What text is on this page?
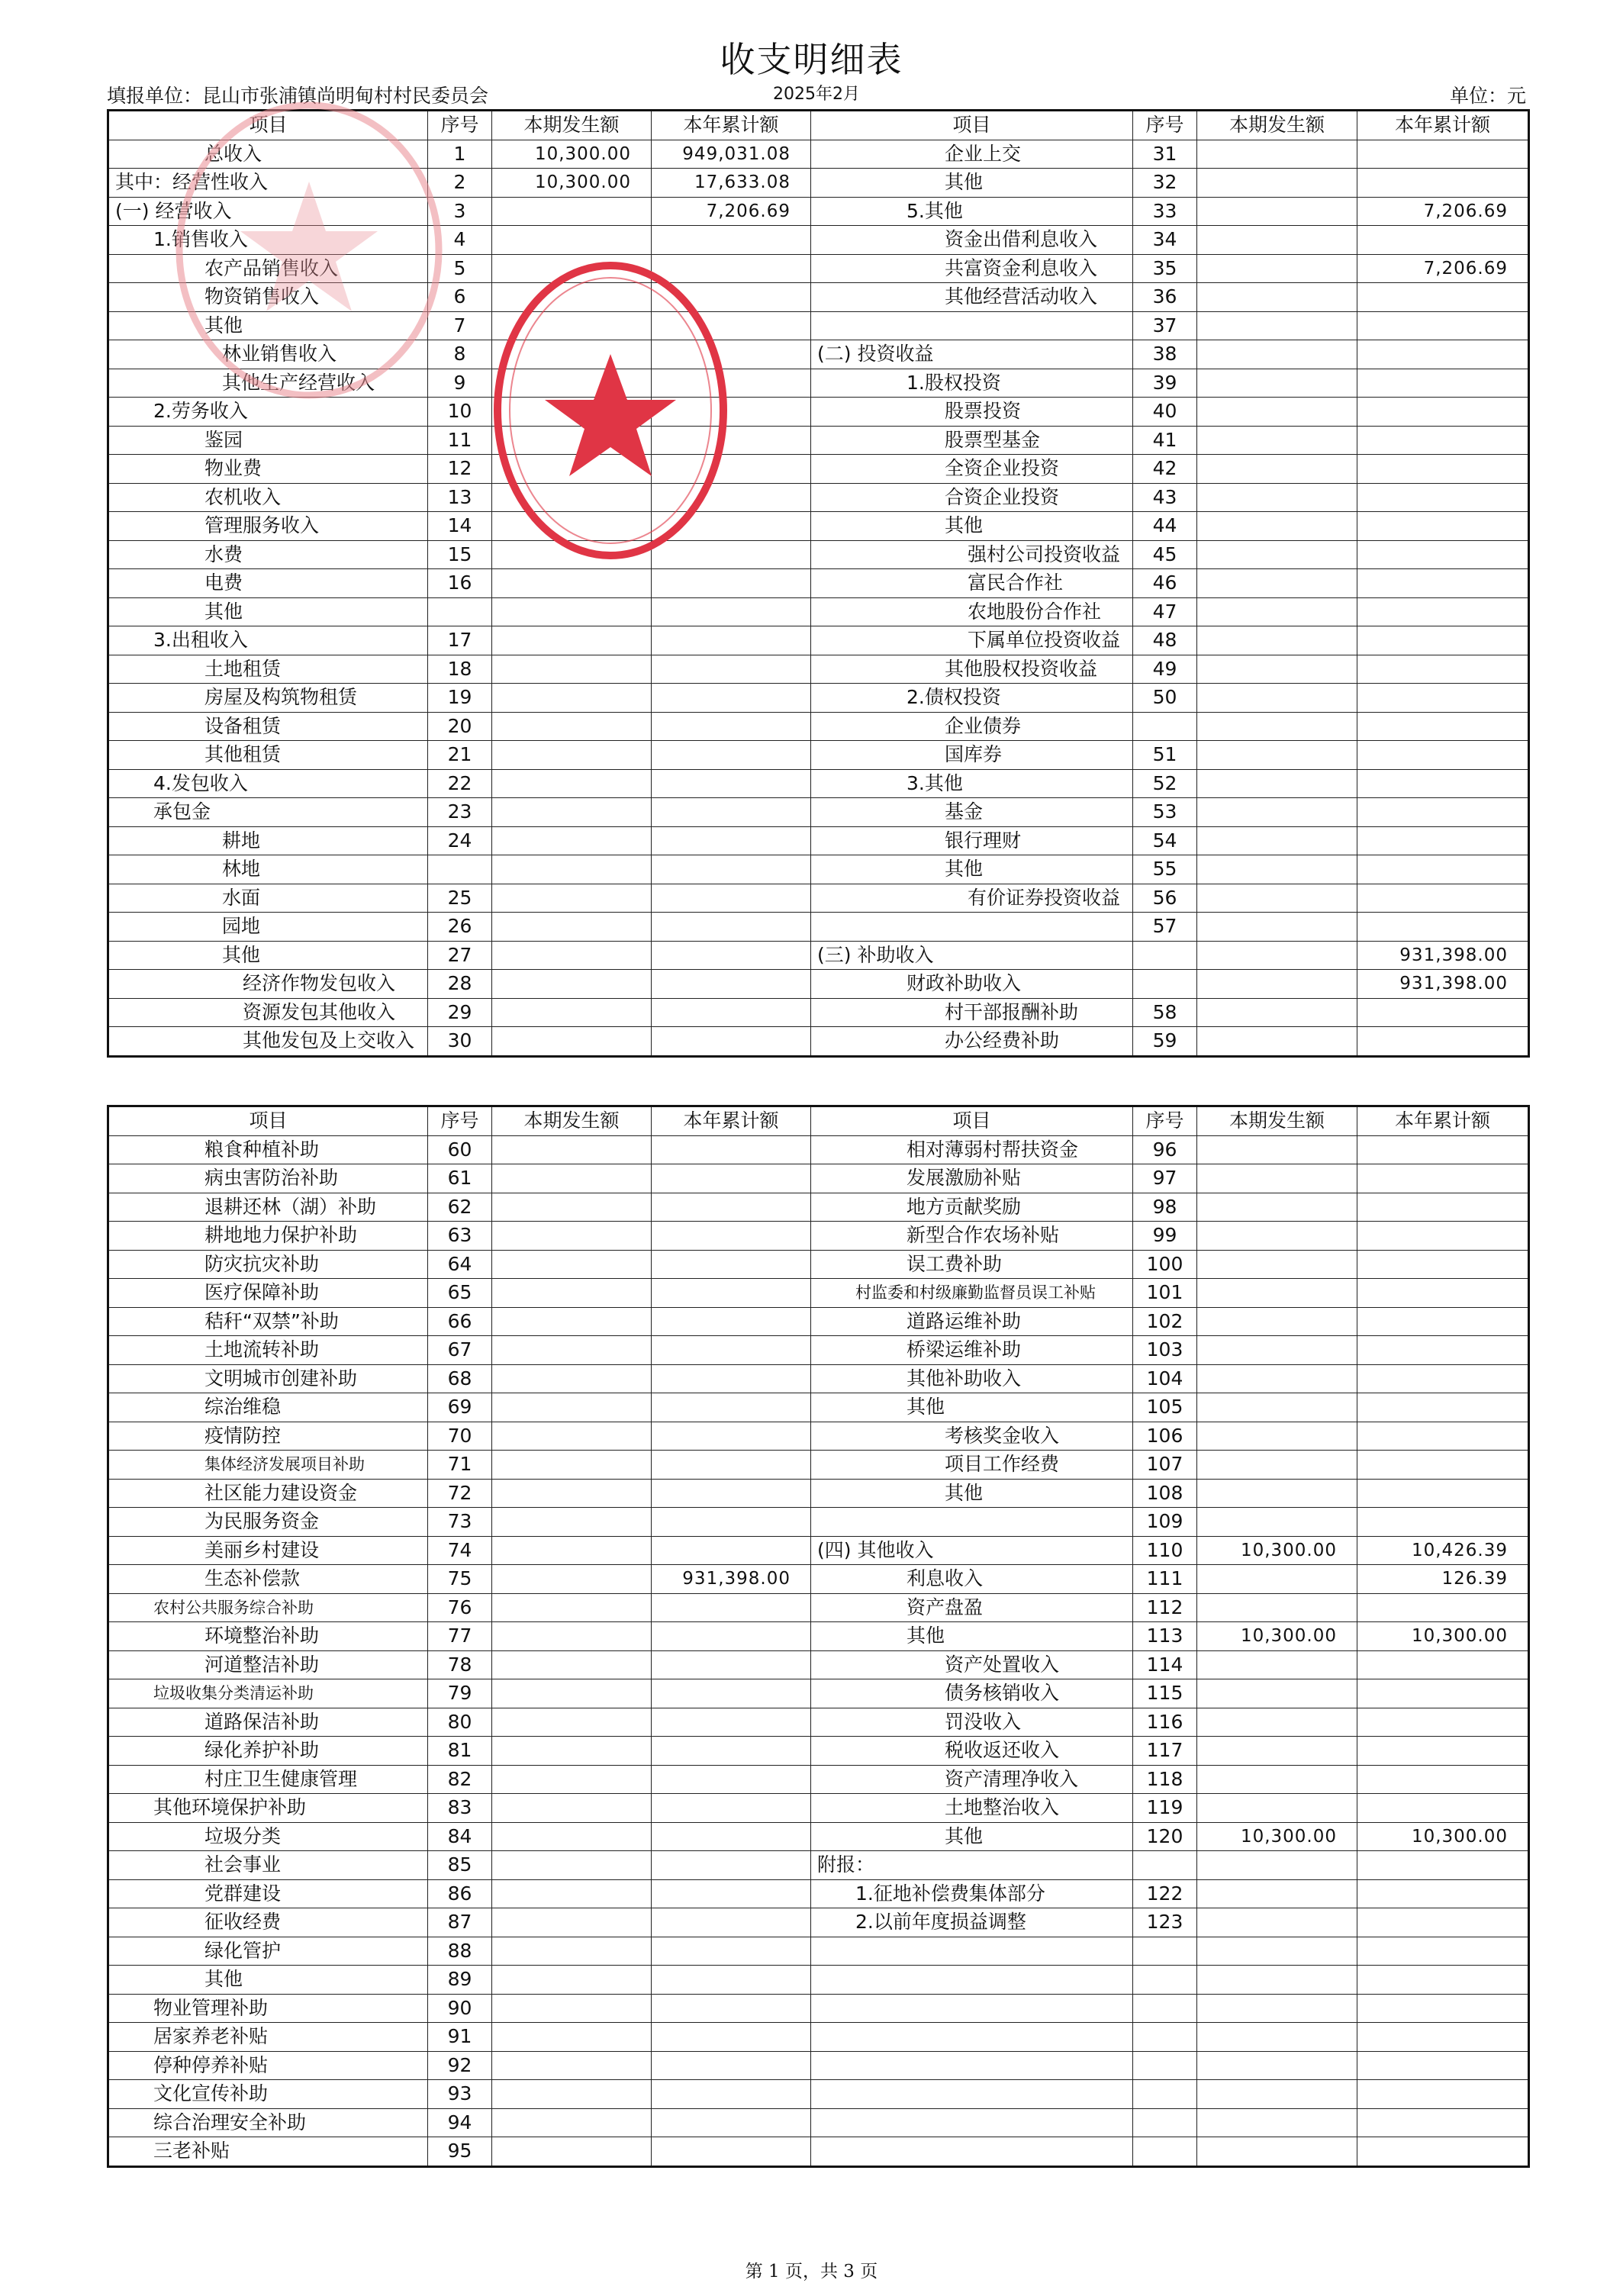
收支明细表
填报单位：昆山市张浦镇尚明甸村村民委员会	2025年2月	单位：元
项目	序号	本期发生额	本年累计额	项目	序号	本期发生额	本年累计额
总收入	1	10,300.00	949,031.08	企业上交	31		
其中：经营性收入	2	10,300.00	17,633.08	其他	32		
(一) 经营收入	3		7,206.69	5.其他	33		7,206.69
1.销售收入	4			资金出借利息收入	34		
农产品销售收入	5			共富资金利息收入	35		7,206.69
物资销售收入	6			其他经营活动收入	36		
其他	7				37		
林业销售收入	8			(二) 投资收益	38		
其他生产经营收入	9			1.股权投资	39		
2.劳务收入	10			股票投资	40		
鉴园	11			股票型基金	41		
物业费	12			全资企业投资	42		
农机收入	13			合资企业投资	43		
管理服务收入	14			其他	44		
水费	15			强村公司投资收益	45		
电费	16			富民合作社	46		
其他				农地股份合作社	47		
3.出租收入	17			下属单位投资收益	48		
土地租赁	18			其他股权投资收益	49		
房屋及构筑物租赁	19			2.债权投资	50		
设备租赁	20			企业债券			
其他租赁	21			国库券	51		
4.发包收入	22			3.其他	52		
承包金	23			基金	53		
耕地	24			银行理财	54		
林地				其他	55		
水面	25			有价证券投资收益	56		
园地	26				57		
其他	27			(三) 补助收入			931,398.00
经济作物发包收入	28			财政补助收入			931,398.00
资源发包其他收入	29			村干部报酬补助	58		
其他发包及上交收入	30			办公经费补助	59		
项目	序号	本期发生额	本年累计额	项目	序号	本期发生额	本年累计额
粮食种植补助	60			相对薄弱村帮扶资金	96		
病虫害防治补助	61			发展激励补贴	97		
退耕还林（湖）补助	62			地方贡献奖励	98		
耕地地力保护补助	63			新型合作农场补贴	99		
防灾抗灾补助	64			误工费补助	100		
医疗保障补助	65			村监委和村级廉勤监督员误工补贴	101		
秸秆“双禁”补助	66			道路运维补助	102		
土地流转补助	67			桥梁运维补助	103		
文明城市创建补助	68			其他补助收入	104		
综治维稳	69			其他	105		
疫情防控	70			考核奖金收入	106		
集体经济发展项目补助	71			项目工作经费	107		
社区能力建设资金	72			其他	108		
为民服务资金	73				109		
美丽乡村建设	74			(四) 其他收入	110	10,300.00	10,426.39
生态补偿款	75		931,398.00	利息收入	111		126.39
农村公共服务综合补助	76			资产盘盈	112		
环境整治补助	77			其他	113	10,300.00	10,300.00
河道整洁补助	78			资产处置收入	114		
垃圾收集分类清运补助	79			债务核销收入	115		
道路保洁补助	80			罚没收入	116		
绿化养护补助	81			税收返还收入	117		
村庄卫生健康管理	82			资产清理净收入	118		
其他环境保护补助	83			土地整治收入	119		
垃圾分类	84			其他	120	10,300.00	10,300.00
社会事业	85			附报：			
党群建设	86			1.征地补偿费集体部分	122		
征收经费	87			2.以前年度损益调整	123		
绿化管护	88						
其他	89						
物业管理补助	90						
居家养老补贴	91						
停种停养补贴	92						
文化宣传补助	93						
综合治理安全补助	94						
三老补贴	95						
第 1 页，共 3 页
